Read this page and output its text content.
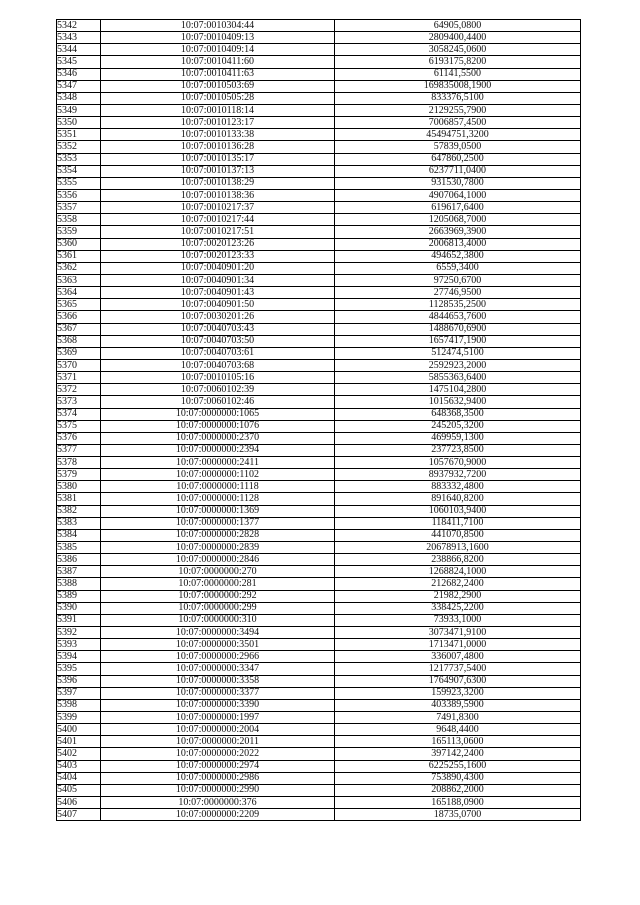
5342	10:07:0010304:44	64905,0800
5343	10:07:0010409:13	2809400,4400
5344	10:07:0010409:14	3058245,0600
5345	10:07:0010411:60	6193175,8200
5346	10:07:0010411:63	61141,5500
5347	10:07:0010503:69	169835008,1900
5348	10:07:0010505:28	833376,5100
5349	10:07:0010118:14	2129255,7900
5350	10:07:0010123:17	7006857,4500
5351	10:07:0010133:38	45494751,3200
5352	10:07:0010136:28	57839,0500
5353	10:07:0010135:17	647860,2500
5354	10:07:0010137:13	6237711,0400
5355	10:07:0010138:29	931530,7800
5356	10:07:0010138:36	4907064,1000
5357	10:07:0010217:37	619617,6400
5358	10:07:0010217:44	1205068,7000
5359	10:07:0010217:51	2663969,3900
5360	10:07:0020123:26	2006813,4000
5361	10:07:0020123:33	494652,3800
5362	10:07:0040901:20	6559,3400
5363	10:07:0040901:34	97250,6700
5364	10:07:0040901:43	27746,9500
5365	10:07:0040901:50	1128535,2500
5366	10:07:0030201:26	4844653,7600
5367	10:07:0040703:43	1488670,6900
5368	10:07:0040703:50	1657417,1900
5369	10:07:0040703:61	512474,5100
5370	10:07:0040703:68	2592923,2000
5371	10:07:0010105:16	5855363,6400
5372	10:07:0060102:39	1475104,2800
5373	10:07:0060102:46	1015632,9400
5374	10:07:0000000:1065	648368,3500
5375	10:07:0000000:1076	245205,3200
5376	10:07:0000000:2370	469959,1300
5377	10:07:0000000:2394	237723,8500
5378	10:07:0000000:2411	1057670,9000
5379	10:07:0000000:1102	8937932,7200
5380	10:07:0000000:1118	883332,4800
5381	10:07:0000000:1128	891640,8200
5382	10:07:0000000:1369	1060103,9400
5383	10:07:0000000:1377	118411,7100
5384	10:07:0000000:2828	441070,8500
5385	10:07:0000000:2839	20678913,1600
5386	10:07:0000000:2846	238866,8200
5387	10:07:0000000:270	1268824,1000
5388	10:07:0000000:281	212682,2400
5389	10:07:0000000:292	21982,2900
5390	10:07:0000000:299	338425,2200
5391	10:07:0000000:310	73933,1000
5392	10:07:0000000:3494	3073471,9100
5393	10:07:0000000:3501	1713471,0000
5394	10:07:0000000:2966	336007,4800
5395	10:07:0000000:3347	1217737,5400
5396	10:07:0000000:3358	1764907,6300
5397	10:07:0000000:3377	159923,3200
5398	10:07:0000000:3390	403389,5900
5399	10:07:0000000:1997	7491,8300
5400	10:07:0000000:2004	9648,4400
5401	10:07:0000000:2011	165113,0600
5402	10:07:0000000:2022	397142,2400
5403	10:07:0000000:2974	6225255,1600
5404	10:07:0000000:2986	753890,4300
5405	10:07:0000000:2990	208862,2000
5406	10:07:0000000:376	165188,0900
5407	10:07:0000000:2209	18735,0700
